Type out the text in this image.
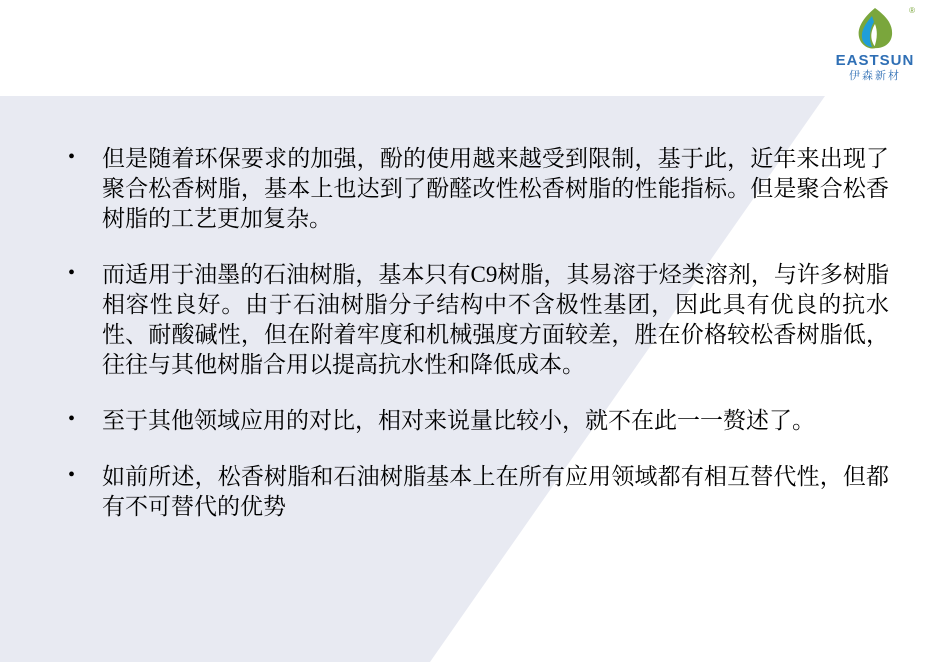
®
EASTSUN
伊森新材
• 但是随着环保要求的加强，酚的使用越来越受到限制，基于此，近年来出现了聚合松香树脂，基本上也达到了酚醛改性松香树脂的性能指标。但是聚合松香树脂的工艺更加复杂。
• 而适用于油墨的石油树脂，基本只有C9树脂，其易溶于烃类溶剂，与许多树脂相容性良好。由于石油树脂分子结构中不含极性基团，因此具有优良的抗水性、耐酸碱性，但在附着牢度和机械强度方面较差，胜在价格较松香树脂低，往往与其他树脂合用以提高抗水性和降低成本。
• 至于其他领域应用的对比，相对来说量比较小，就不在此一一赘述了。
• 如前所述，松香树脂和石油树脂基本上在所有应用领域都有相互替代性，但都有不可替代的优势
